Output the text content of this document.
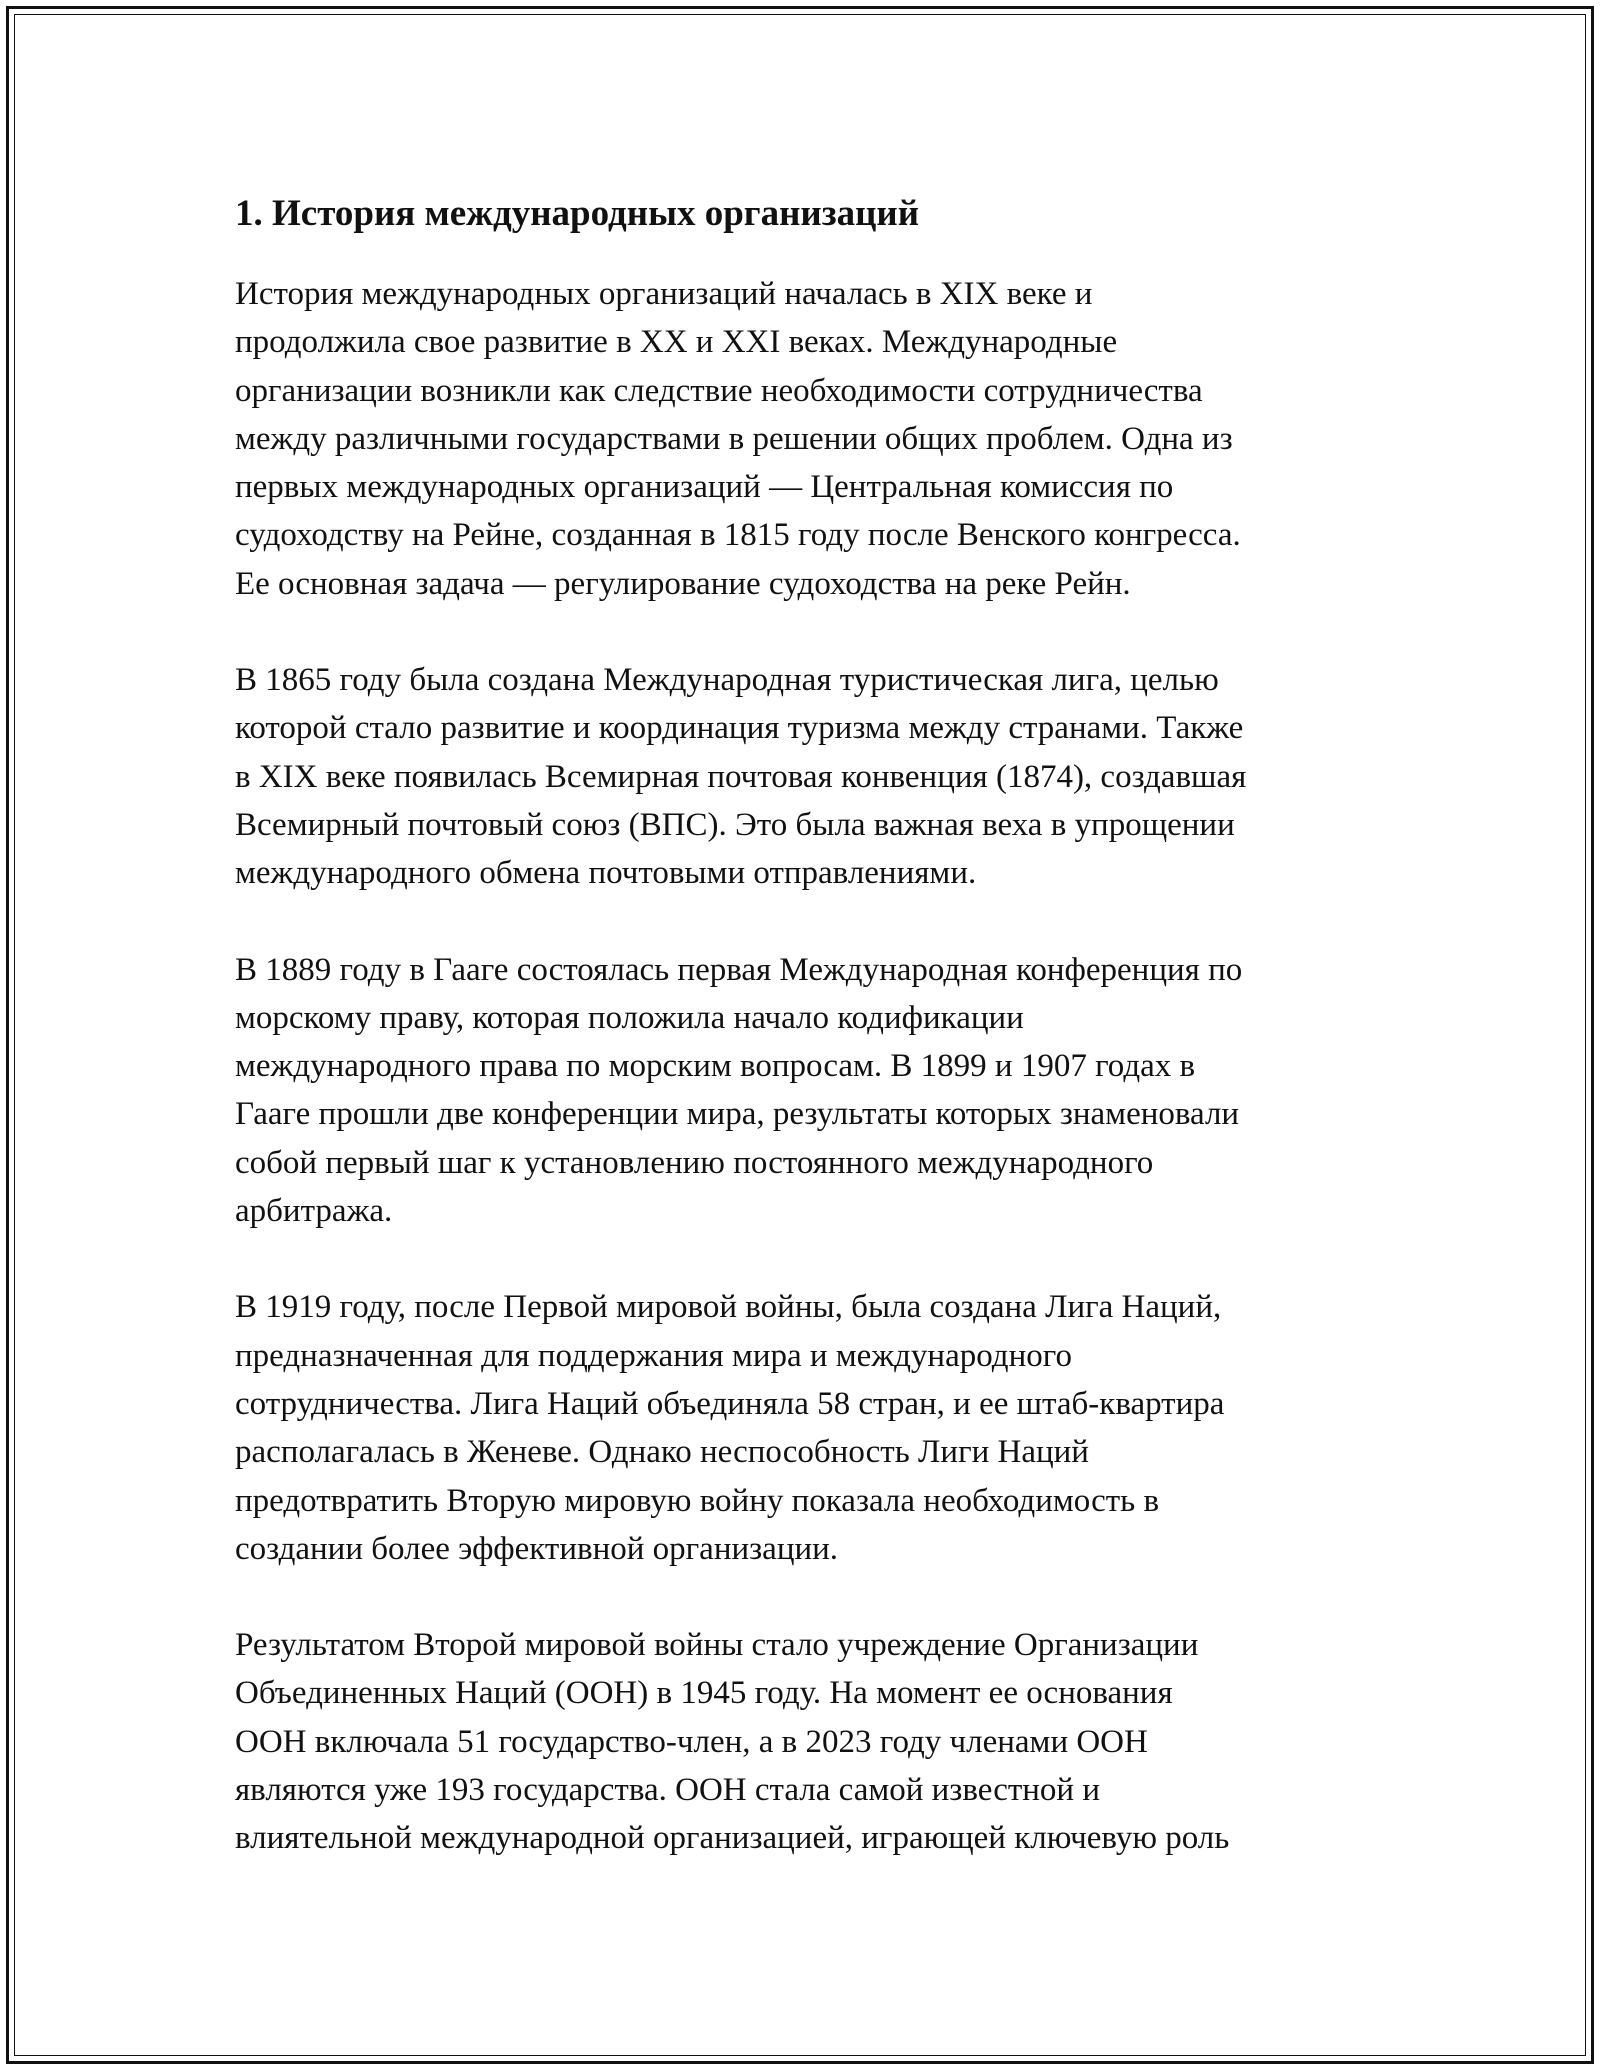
1. История международных организаций
История международных организаций началась в XIX веке и
продолжила свое развитие в XX и XXI веках. Международные
организации возникли как следствие необходимости сотрудничества
между различными государствами в решении общих проблем. Одна из
первых международных организаций — Центральная комиссия по
судоходству на Рейне, созданная в 1815 году после Венского конгресса.
Ее основная задача — регулирование судоходства на реке Рейн.
В 1865 году была создана Международная туристическая лига, целью
которой стало развитие и координация туризма между странами. Также
в XIX веке появилась Всемирная почтовая конвенция (1874), создавшая
Всемирный почтовый союз (ВПС). Это была важная веха в упрощении
международного обмена почтовыми отправлениями.
В 1889 году в Гааге состоялась первая Международная конференция по
морскому праву, которая положила начало кодификации
международного права по морским вопросам. В 1899 и 1907 годах в
Гааге прошли две конференции мира, результаты которых знаменовали
собой первый шаг к установлению постоянного международного
арбитража.
В 1919 году, после Первой мировой войны, была создана Лига Наций,
предназначенная для поддержания мира и международного
сотрудничества. Лига Наций объединяла 58 стран, и ее штаб-квартира
располагалась в Женеве. Однако неспособность Лиги Наций
предотвратить Вторую мировую войну показала необходимость в
создании более эффективной организации.
Результатом Второй мировой войны стало учреждение Организации
Объединенных Наций (ООН) в 1945 году. На момент ее основания
ООН включала 51 государство-член, а в 2023 году членами ООН
являются уже 193 государства. ООН стала самой известной и
влиятельной международной организацией, играющей ключевую роль
